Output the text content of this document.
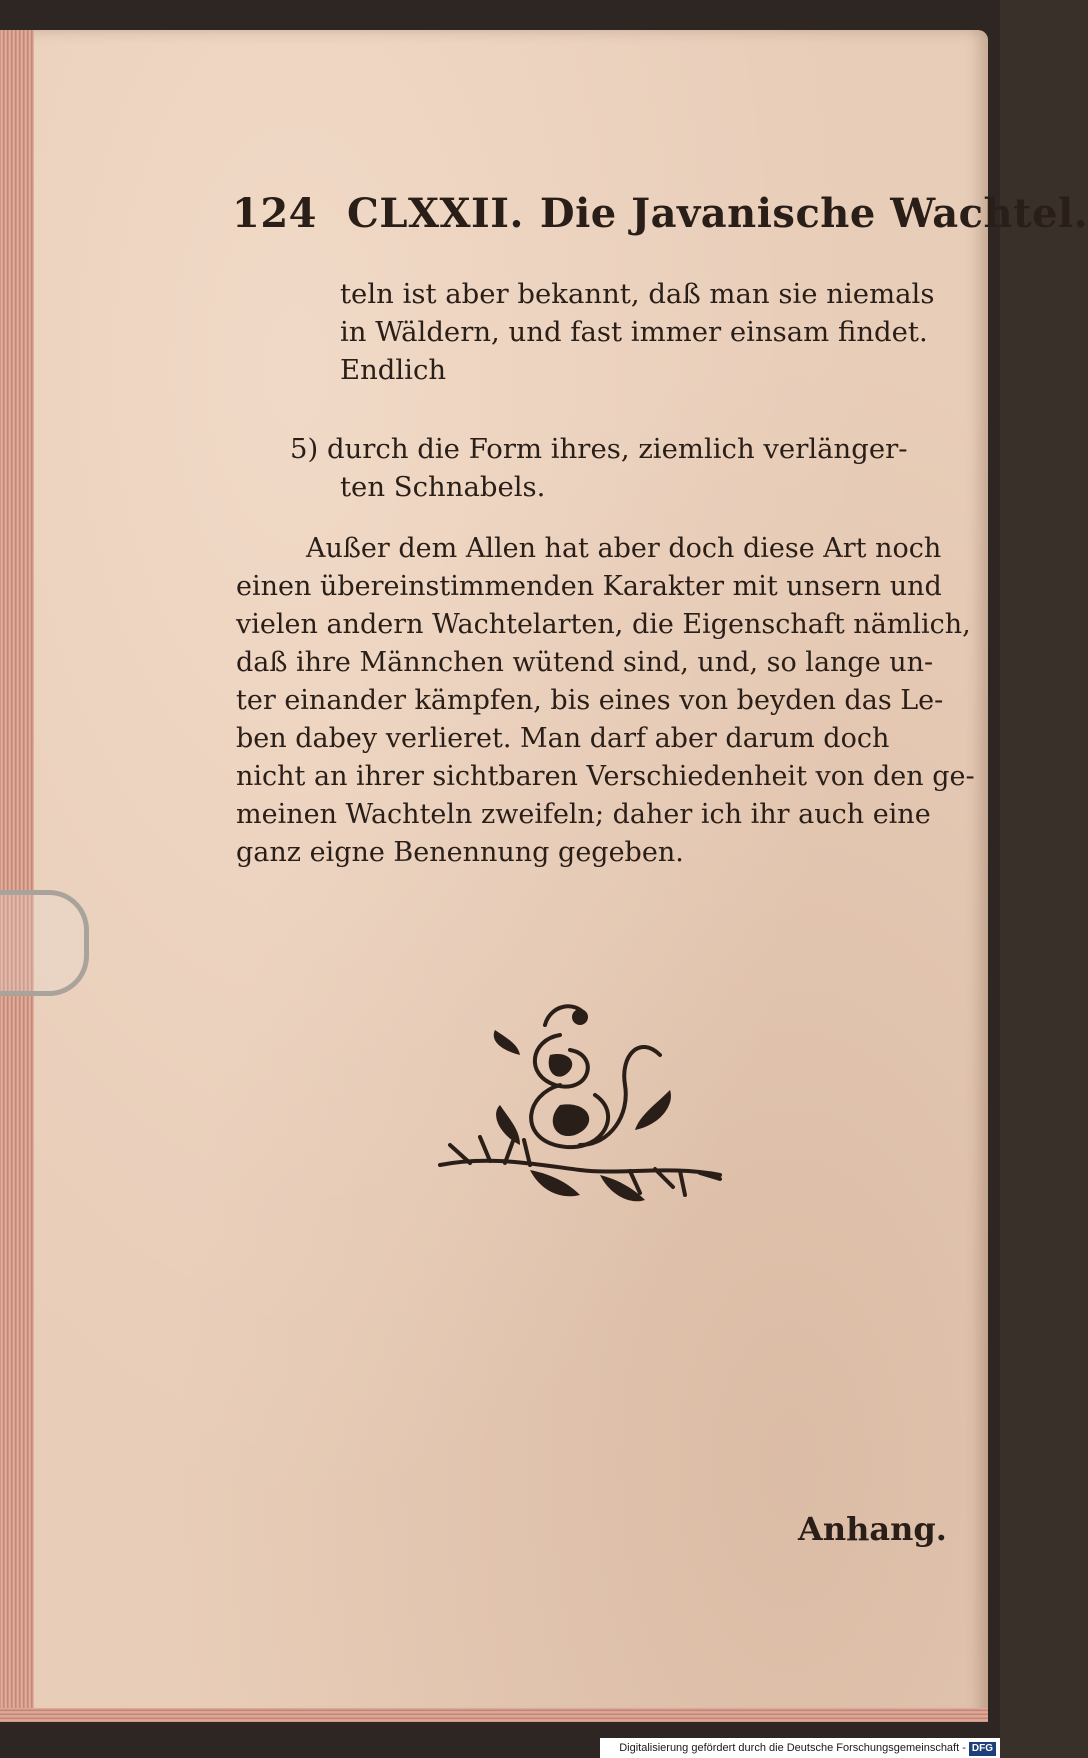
124 CLXXII. Die Javanische Wachtel.
teln ist aber bekannt, daß man sie niemals
in Wäldern, und fast immer einsam findet.
Endlich
5) durch die Form ihres, ziemlich verlänger-
ten Schnabels.
Außer dem Allen hat aber doch diese Art noch
einen übereinstimmenden Karakter mit unsern und
vielen andern Wachtelarten, die Eigenschaft nämlich,
daß ihre Männchen wütend sind, und, so lange un-
ter einander kämpfen, bis eines von beyden das Le-
ben dabey verlieret. Man darf aber darum doch
nicht an ihrer sichtbaren Verschiedenheit von den ge-
meinen Wachteln zweifeln; daher ich ihr auch eine
ganz eigne Benennung gegeben.
Anhang.
Digitalisierung gefördert durch die Deutsche Forschungsgemeinschaft - DFG
